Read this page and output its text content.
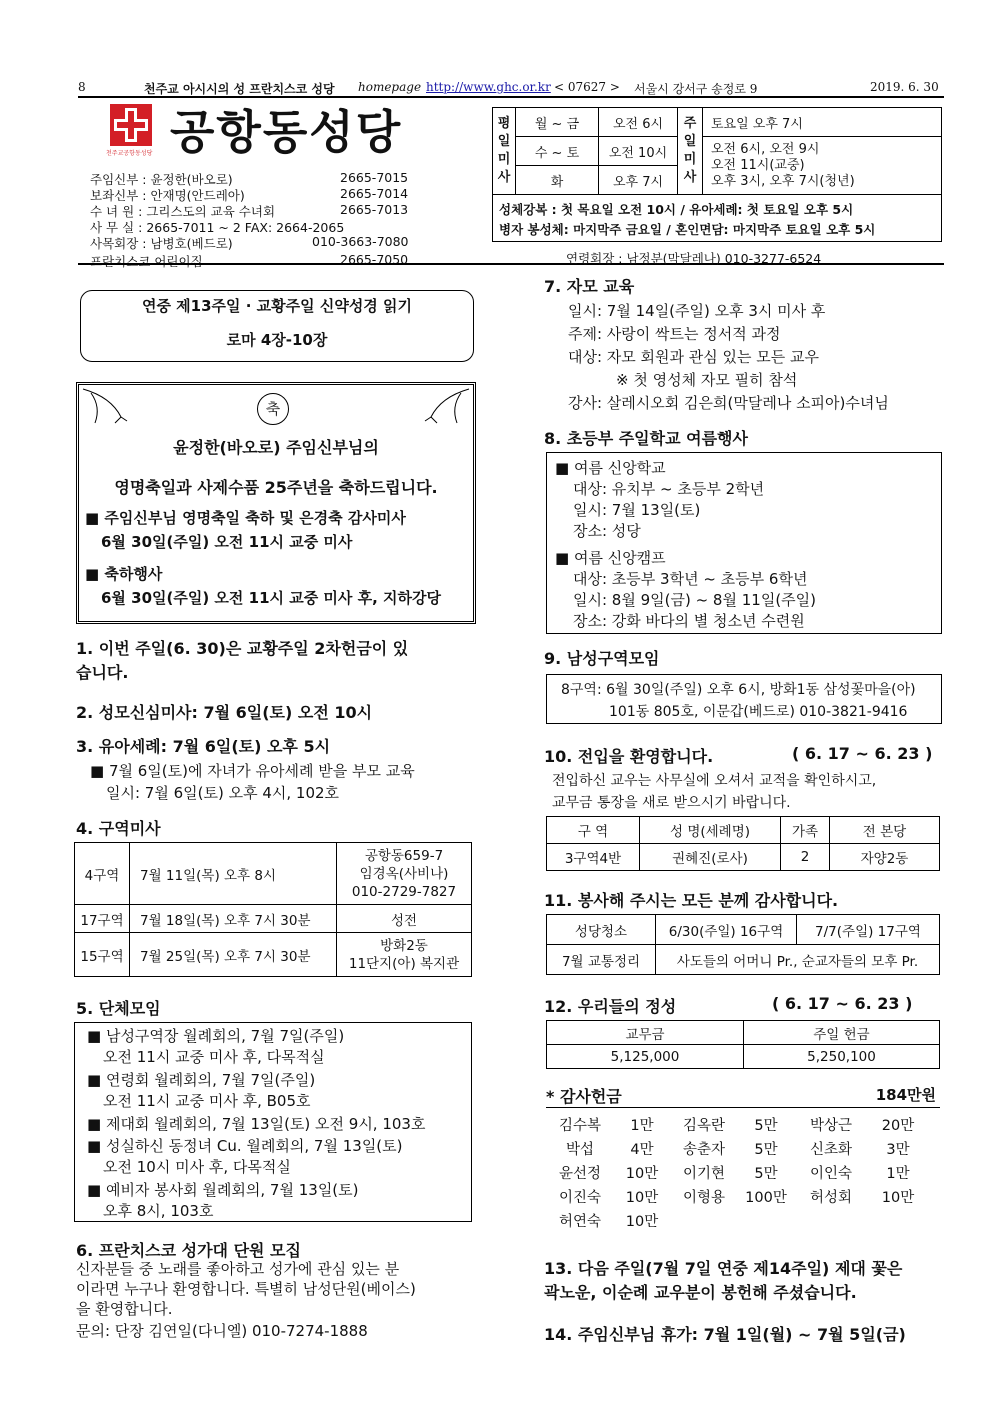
8	천주교 아시시의 성 프란치스코 성당 homepage http://www.ghc.or.kr < 07627 > 서울시 강서구 송정로 9	2019. 6. 30
천주교공항동성당 공항동성당
주임신부 : 윤정한(바오로)	2665-7015
보좌신부 : 안재명(안드레아)	2665-7014
수 녀 원 : 그리스도의 교육 수녀회	2665-7013
사 무 실 : 2665-7011 ~ 2 FAX: 2664-2065
사목회장 : 남병호(베드로)	010-3663-7080
프란치스코 어린이집	2665-7050
평일미사	월 ~ 금	오전 6시	주일미사	토요일 오후 7시
	수 ~ 토	오전 10시		오전 6시, 오전 9시
오전 11시(교중)
오후 3시, 오후 7시(청년)

	화	오후 7시		
성체강복 : 첫 목요일 오전 10시 / 유아세례: 첫 토요일 오후 5시
병자 봉성체: 마지막주 금요일 / 혼인면담: 마지막주 토요일 오후 5시
연령회장 : 남정분(막달레나) 010-3277-6524
연중 제13주일 · 교황주일 신약성경 읽기
로마 4장-10장
축
윤정한(바오로) 주임신부님의
영명축일과 사제수품 25주년을 축하드립니다.
■ 주임신부님 영명축일 축하 및 은경축 감사미사
6월 30일(주일) 오전 11시 교중 미사
■ 축하행사
6월 30일(주일) 오전 11시 교중 미사 후, 지하강당
1. 이번 주일(6. 30)은 교황주일 2차헌금이 있
습니다.
2. 성모신심미사: 7월 6일(토) 오전 10시
3. 유아세례: 7월 6일(토) 오후 5시
■ 7월 6일(토)에 자녀가 유아세례 받을 부모 교육
일시: 7월 6일(토) 오후 4시, 102호
4. 구역미사
4구역	7월 11일(목) 오후 8시	공항동659-7
임경옥(사비나)
010-2729-7827

17구역	7월 18일(목) 오후 7시 30분	성전
15구역	7월 25일(목) 오후 7시 30분	방화2동
11단지(아) 복지관
5. 단체모임
■ 남성구역장 월례회의, 7월 7일(주일)
오전 11시 교중 미사 후, 다목적실
■ 연령회 월례회의, 7월 7일(주일)
오전 11시 교중 미사 후, B05호
■ 제대회 월례회의, 7월 13일(토) 오전 9시, 103호
■ 성실하신 동정녀 Cu. 월례회의, 7월 13일(토)
오전 10시 미사 후, 다목적실
■ 예비자 봉사회 월례회의, 7월 13일(토)
오후 8시, 103호
6. 프란치스코 성가대 단원 모집
신자분들 중 노래를 좋아하고 성가에 관심 있는 분
이라면 누구나 환영합니다. 특별히 남성단원(베이스)
을 환영합니다.
문의: 단장 김연일(다니엘) 010-7274-1888
7. 자모 교육
일시: 7월 14일(주일) 오후 3시 미사 후
주제: 사랑이 싹트는 정서적 과정
대상: 자모 회원과 관심 있는 모든 교우
※ 첫 영성체 자모 필히 참석
강사: 살레시오회 김은희(막달레나 소피아)수녀님
8. 초등부 주일학교 여름행사
■ 여름 신앙학교
대상: 유치부 ~ 초등부 2학년
일시: 7월 13일(토)
장소: 성당
■ 여름 신앙캠프
대상: 초등부 3학년 ~ 초등부 6학년
일시: 8월 9일(금) ~ 8월 11일(주일)
장소: 강화 바다의 별 청소년 수련원
9. 남성구역모임
8구역: 6월 30일(주일) 오후 6시, 방화1동 삼성꽃마을(아)
101동 805호, 이문갑(베드로) 010-3821-9416
10. 전입을 환영합니다.	( 6. 17 ~ 6. 23 )
전입하신 교우는 사무실에 오셔서 교적을 확인하시고,
교무금 통장을 새로 받으시기 바랍니다.
구 역	성 명(세례명)	가족	전 본당
3구역4반	권혜진(로사)	2	자양2동
11. 봉사해 주시는 모든 분께 감사합니다.
성당청소	6/30(주일) 16구역	7/7(주일) 17구역
7월 교통정리	사도들의 어머니 Pr., 순교자들의 모후 Pr.	
12. 우리들의 정성	( 6. 17 ~ 6. 23 )
교무금	주일 헌금
5,125,000	5,250,100
* 감사헌금	184만원
김수복	1만	김옥란	5만	박상근	20만
박섭	4만	송춘자	5만	신초화	3만
윤선정	10만	이기현	5만	이인숙	1만
이진숙	10만	이형용	100만	허성회	10만
허연숙	10만				
13. 다음 주일(7월 7일 연중 제14주일) 제대 꽃은
곽노운, 이순례 교우분이 봉헌해 주셨습니다.
14. 주임신부님 휴가: 7월 1일(월) ~ 7월 5일(금)
